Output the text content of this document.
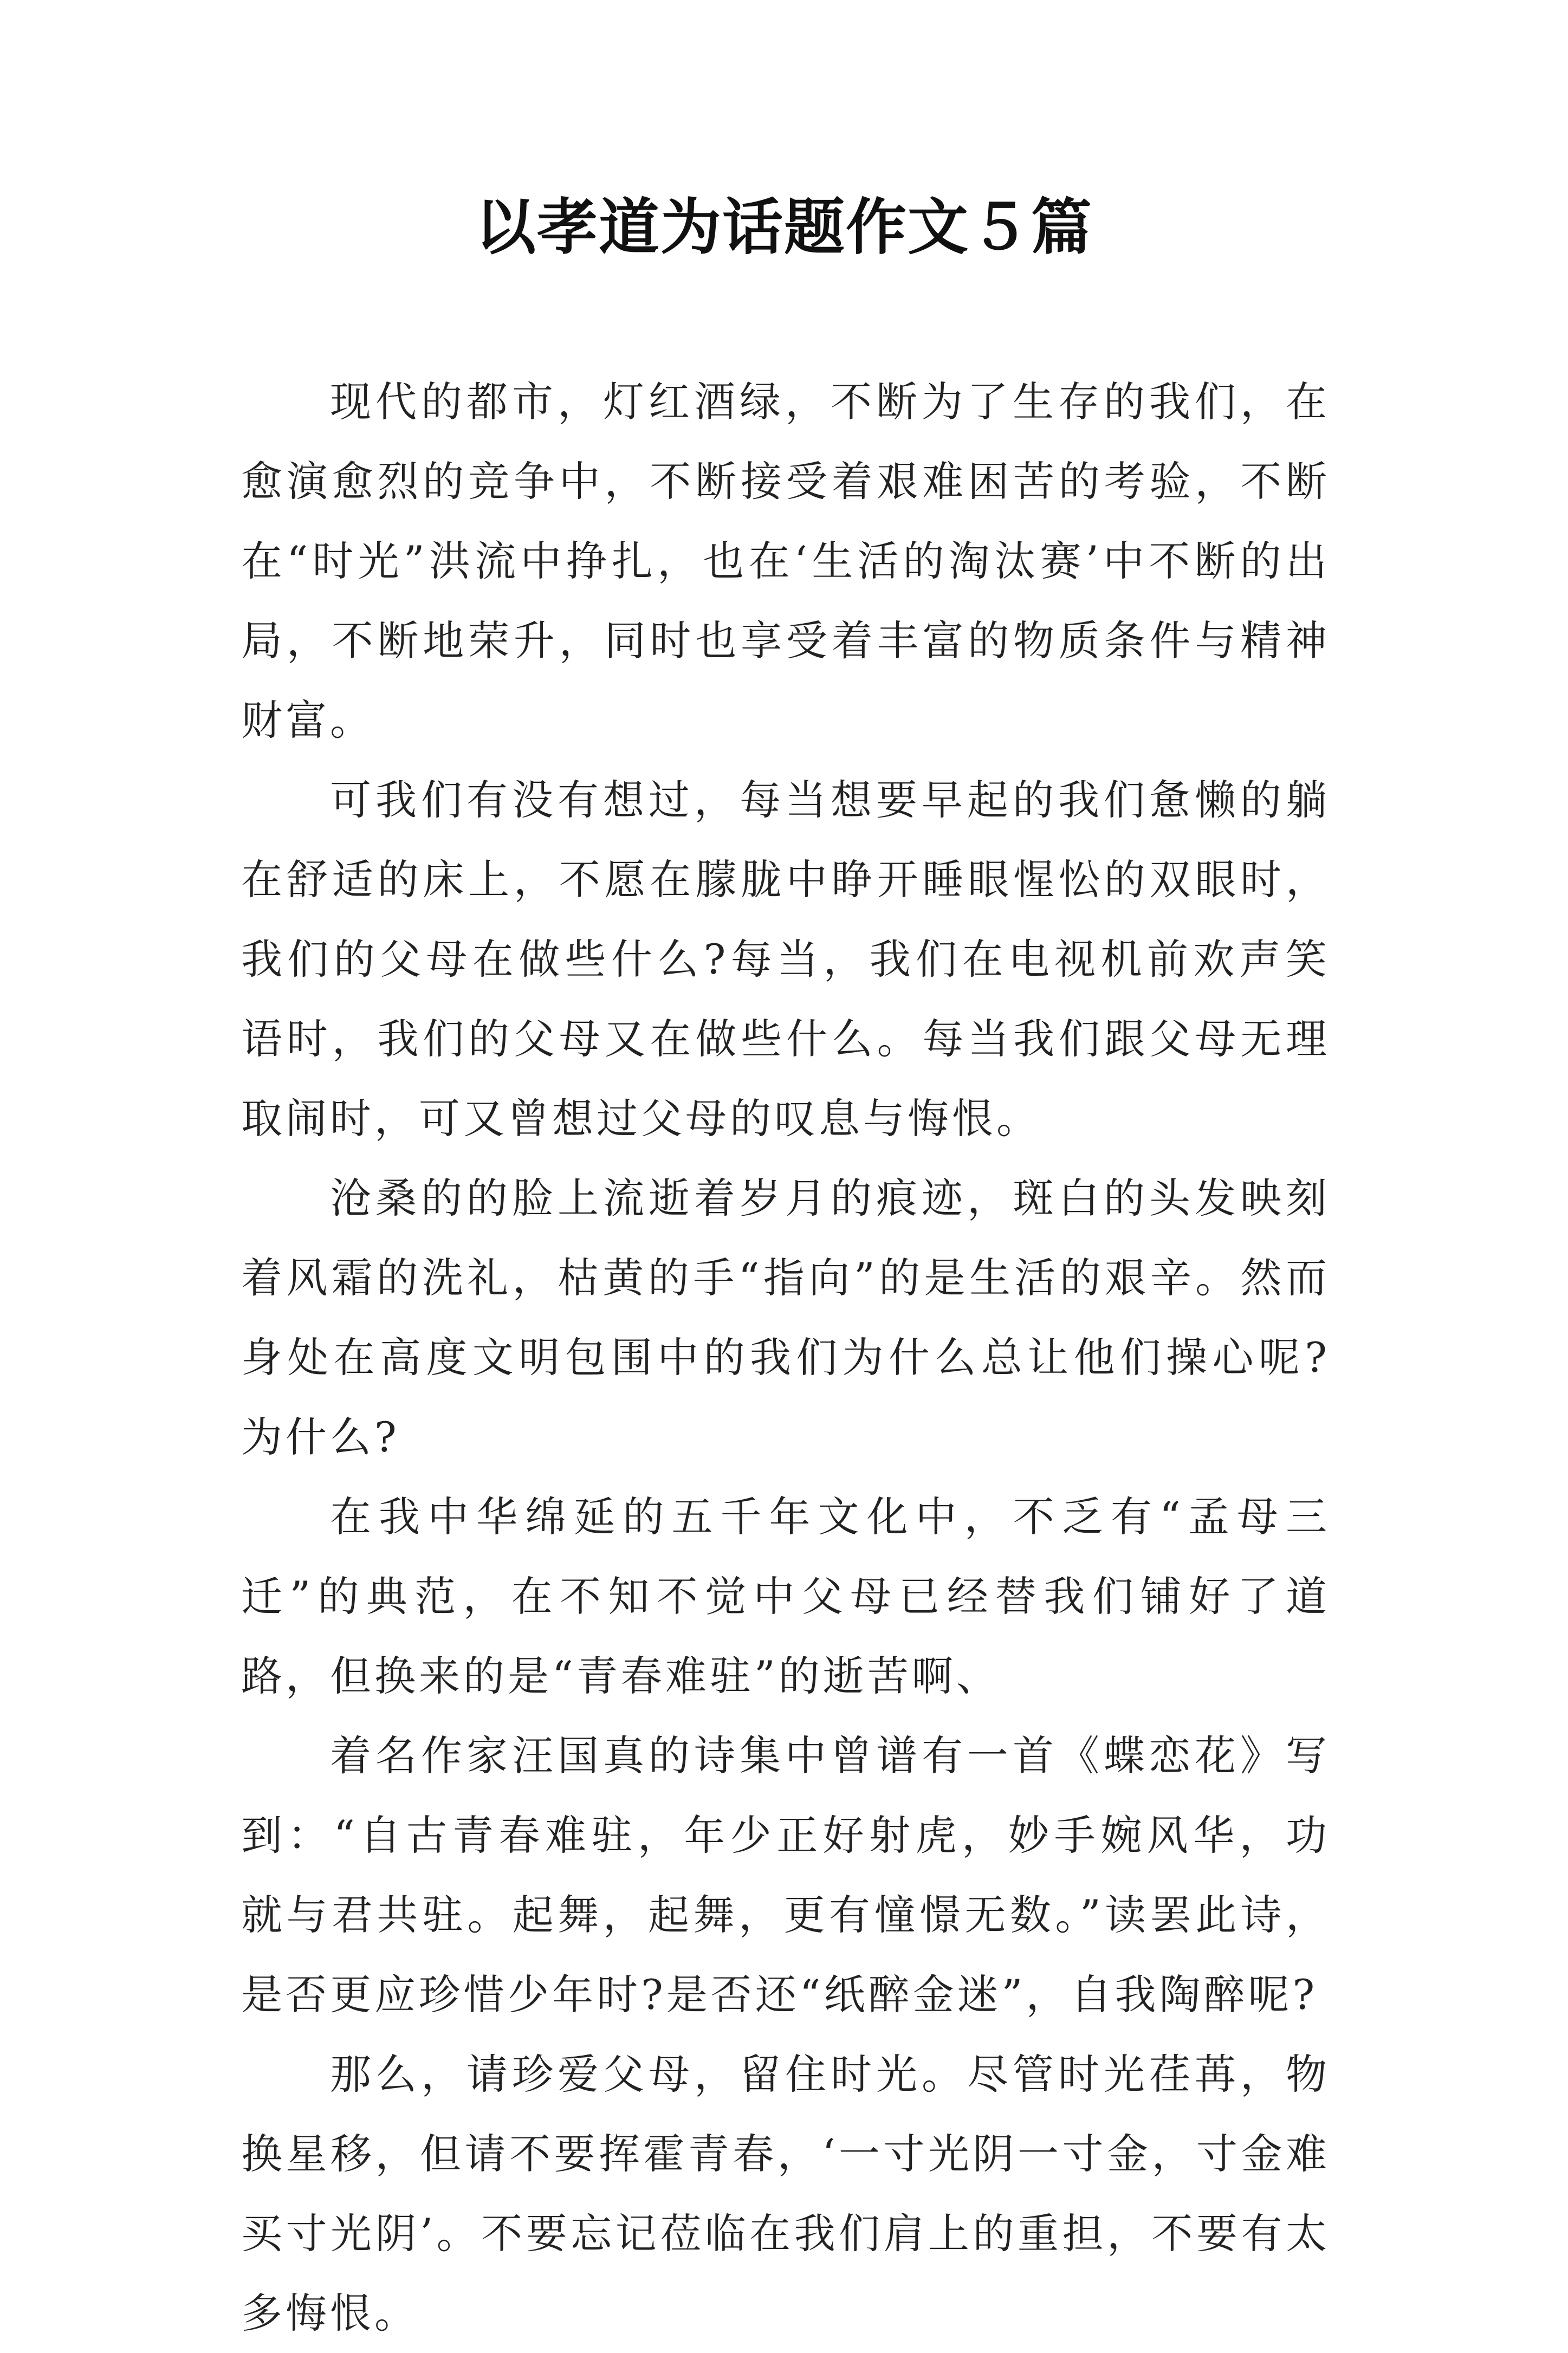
以孝道为话题作文５篇

现代的都市，灯红酒绿，不断为了生存的我们，在愈演愈烈的竞争中，不断接受着艰难困苦的考验，不断在“时光”洪流中挣扎，也在‘生活的淘汰赛’中不断的出局，不断地荣升，同时也享受着丰富的物质条件与精神财富。

可我们有没有想过，每当想要早起的我们惫懒的躺在舒适的床上，不愿在朦胧中睁开睡眼惺忪的双眼时，我们的父母在做些什么?每当，我们在电视机前欢声笑语时，我们的父母又在做些什么。每当我们跟父母无理取闹时，可又曾想过父母的叹息与悔恨。

沧桑的的脸上流逝着岁月的痕迹，斑白的头发映刻着风霜的洗礼，枯黄的手“指向”的是生活的艰辛。然而身处在高度文明包围中的我们为什么总让他们操心呢?为什么?

在我中华绵延的五千年文化中，不乏有“孟母三迁”的典范，在不知不觉中父母已经替我们铺好了道路，但换来的是“青春难驻”的逝苦啊、

着名作家汪国真的诗集中曾谱有一首《蝶恋花》写到：“自古青春难驻，年少正好射虎，妙手婉风华，功就与君共驻。起舞，起舞，更有憧憬无数。”读罢此诗，是否更应珍惜少年时?是否还“纸醉金迷”，自我陶醉呢?

那么，请珍爱父母，留住时光。尽管时光荏苒，物换星移，但请不要挥霍青春，‘一寸光阴一寸金，寸金难买寸光阴’。不要忘记莅临在我们肩上的重担，不要有太多悔恨。
